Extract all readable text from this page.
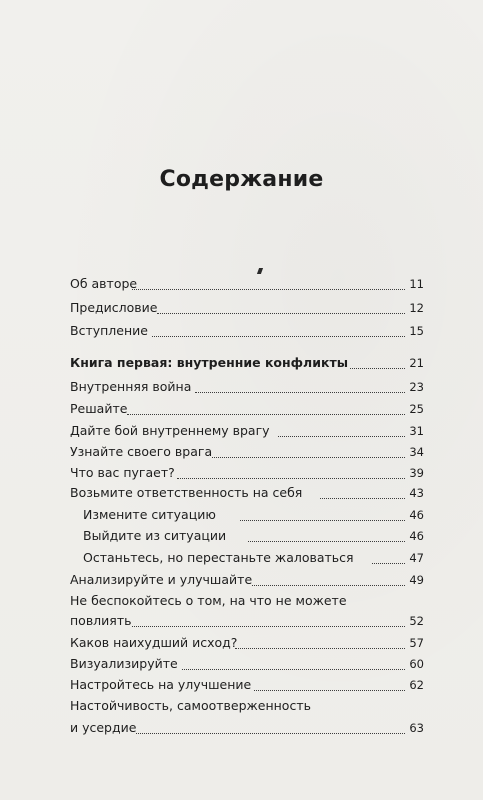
Содержание
Об авторе	11
Предисловие	12
Вступление	15
Книга первая: внутренние конфликты	21
Внутренняя война	23
Решайте	25
Дайте бой внутреннему врагу	31
Узнайте своего врага	34
Что вас пугает?	39
Возьмите ответственность на себя	43
Измените ситуацию	46
Выйдите из ситуации	46
Останьтесь, но перестаньте жаловаться	47
Анализируйте и улучшайте	49
Не беспокойтесь о том, на что не можете
повлиять	52
Каков наихудший исход?	57
Визуализируйте	60
Настройтесь на улучшение	62
Настойчивость, самоотверженность
и усердие	63
